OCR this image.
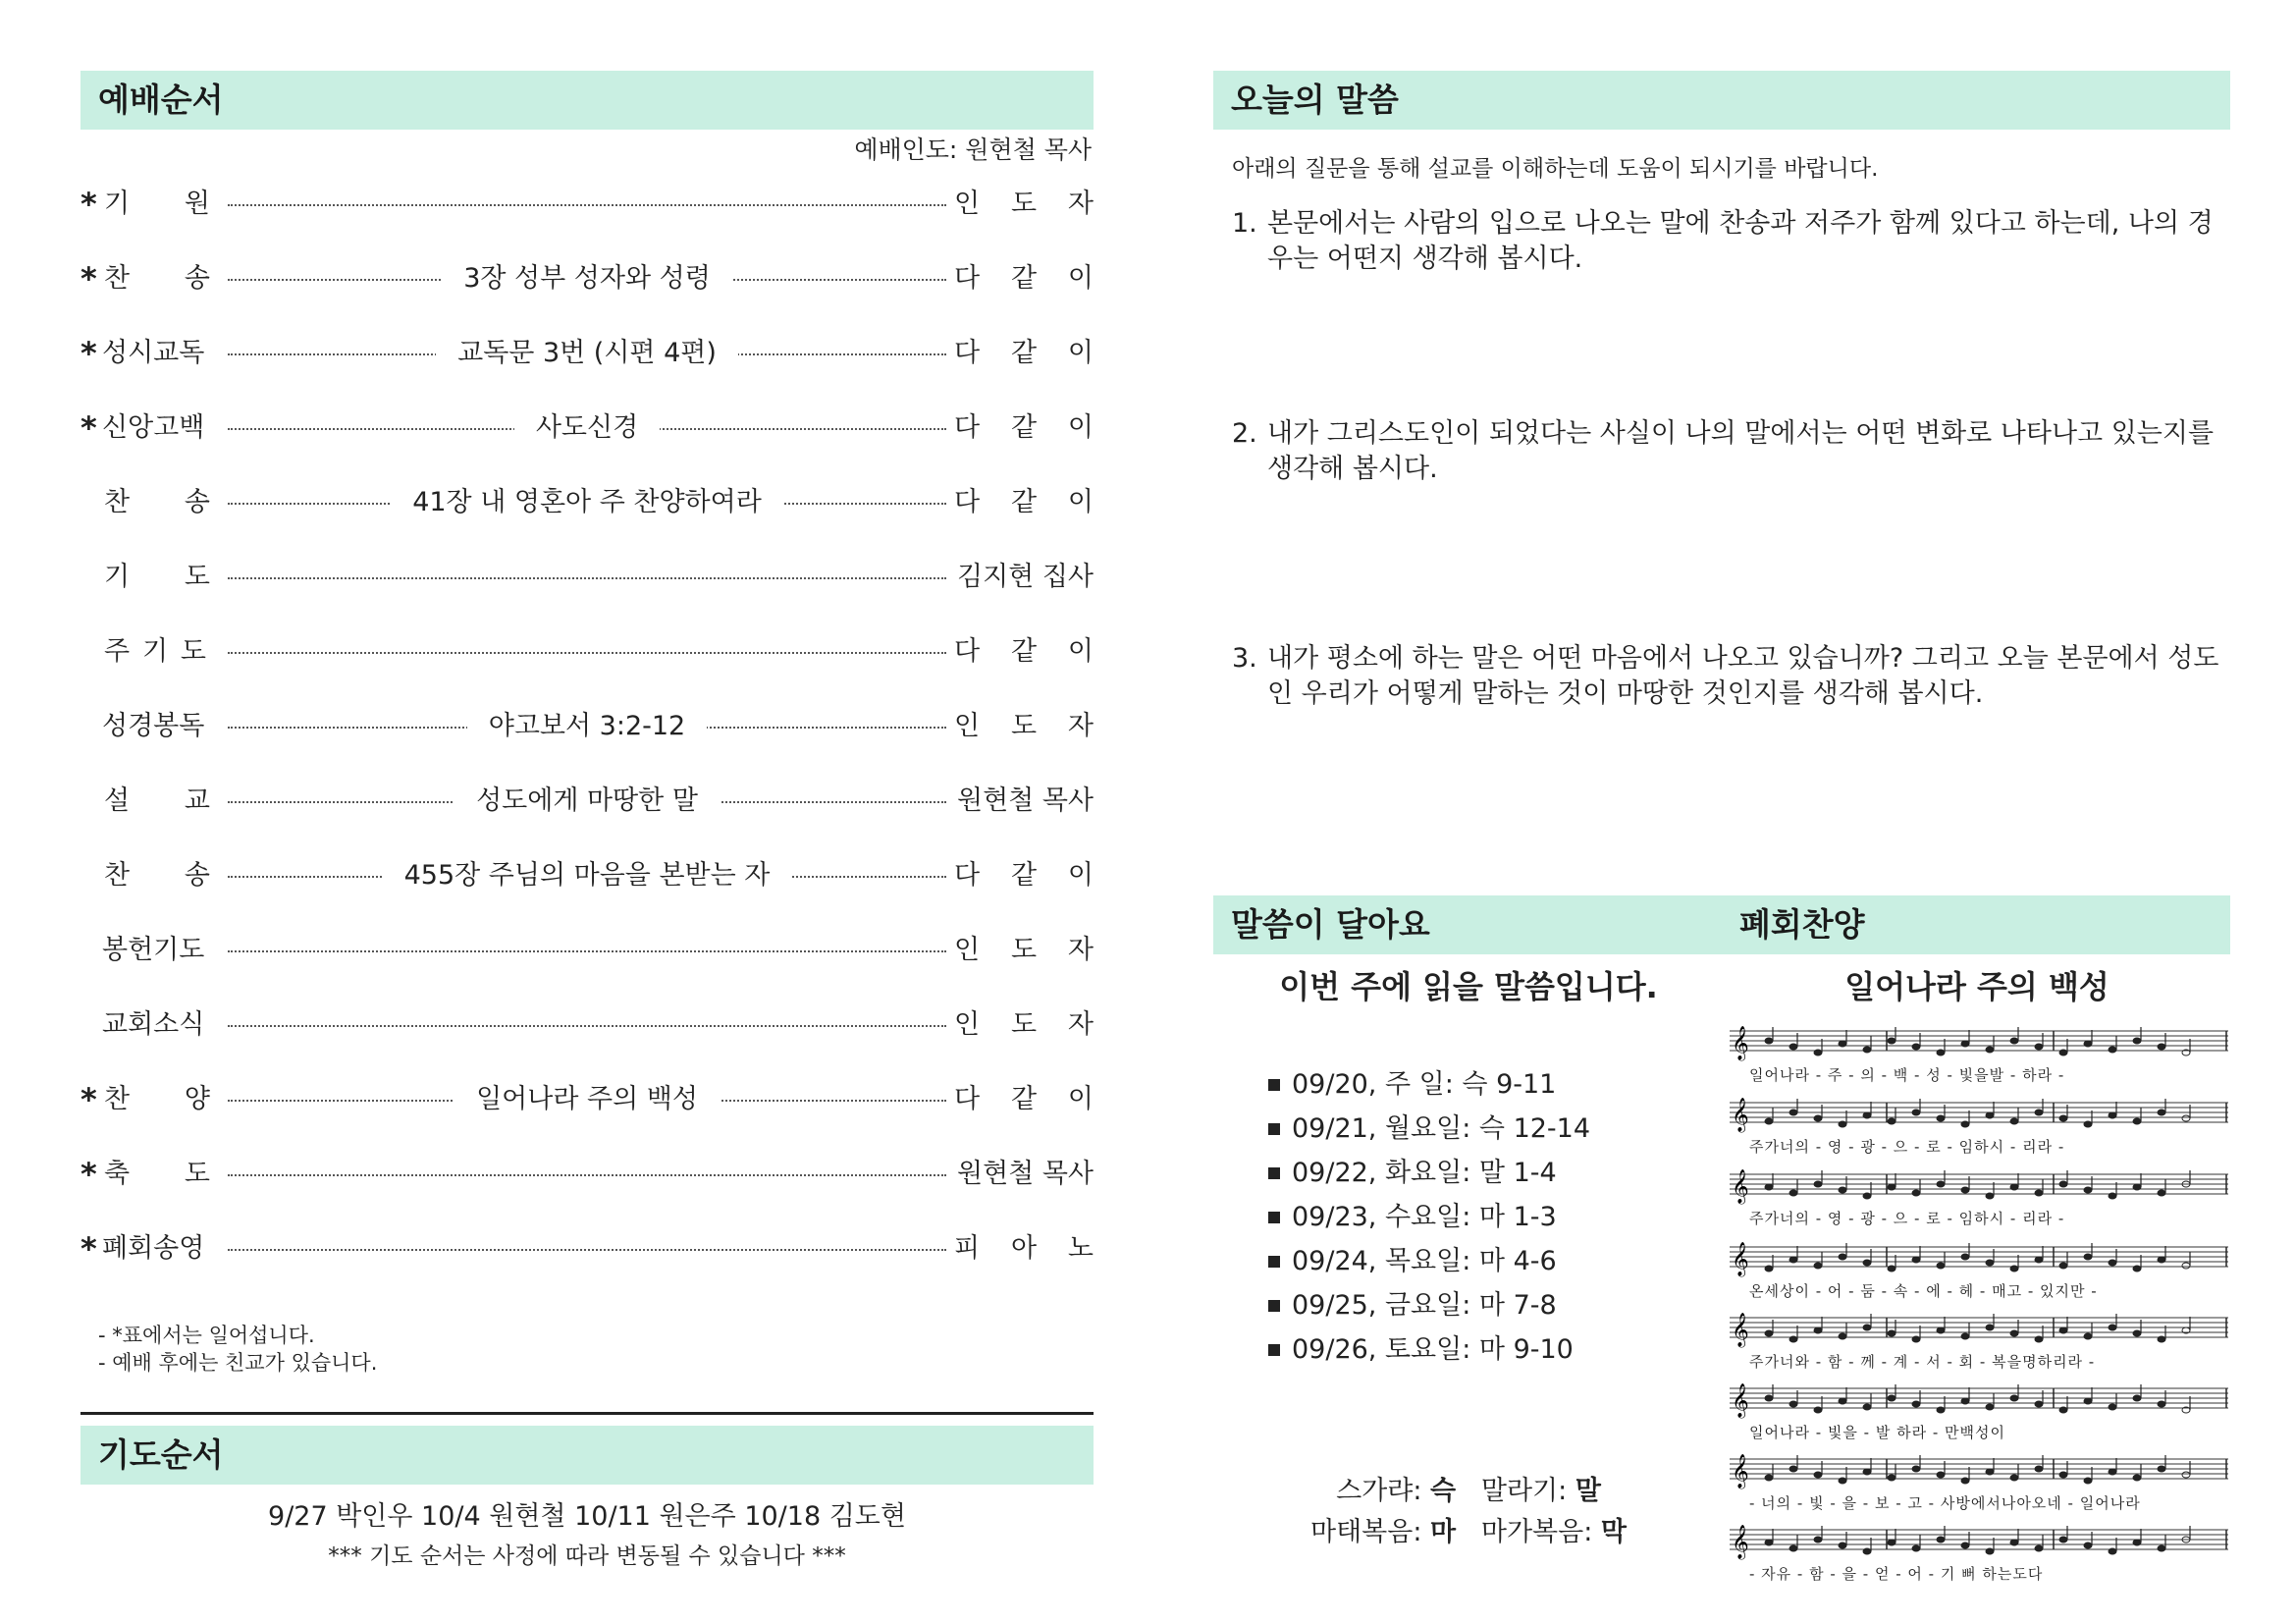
예배순서
예배인도: 원현철 목사
* 기 원	인 도 자
* 찬 송	3장 성부 성자와 성령	다 같 이
* 성시교독	교독문 3번 (시편 4편)	다 같 이
* 신앙고백	사도신경	다 같 이
찬 송	41장 내 영혼아 주 찬양하여라	다 같 이
기 도	김지현 집사
주 기 도	다 같 이
성경봉독	야고보서 3:2-12	인 도 자
설 교	성도에게 마땅한 말	원현철 목사
찬 송	455장 주님의 마음을 본받는 자	다 같 이
봉헌기도	인 도 자
교회소식	인 도 자
* 찬 양	일어나라 주의 백성	다 같 이
* 축 도	원현철 목사
* 폐회송영	피 아 노
- *표에서는 일어섭니다.
- 예배 후에는 친교가 있습니다.
기도순서
9/27 박인우 10/4 원현철 10/11 원은주 10/18 김도현
*** 기도 순서는 사정에 따라 변동될 수 있습니다 ***
오늘의 말씀
아래의 질문을 통해 설교를 이해하는데 도움이 되시기를 바랍니다.
1. 본문에서는 사람의 입으로 나오는 말에 찬송과 저주가 함께 있다고 하는데, 나의 경우는 어떤지 생각해 봅시다.
2. 내가 그리스도인이 되었다는 사실이 나의 말에서는 어떤 변화로 나타나고 있는지를 생각해 봅시다.
3. 내가 평소에 하는 말은 어떤 마음에서 나오고 있습니까? 그리고 오늘 본문에서 성도인 우리가 어떻게 말하는 것이 마땅한 것인지를 생각해 봅시다.
말씀이 달아요	폐회찬양
이번 주에 읽을 말씀입니다.	일어나라 주의 백성
09/20, 주 일: 슥 9-11
09/21, 월요일: 슥 12-14
09/22, 화요일: 말 1-4
09/23, 수요일: 마 1-3
09/24, 목요일: 마 4-6
09/25, 금요일: 마 7-8
09/26, 토요일: 마 9-10
스가랴: 슥   말라기: 말
마태복음: 마   마가복음: 막
𝄞
일어나라 - 주 - 의 - 백 - 성 - 빛을발 - 하라 -
𝄞
주가너의 - 영 - 광 - 으 - 로 - 임하시 - 리라 -
𝄞
주가너의 - 영 - 광 - 으 - 로 - 임하시 - 리라 -
𝄞
온세상이 - 어 - 둠 - 속 - 에 - 헤 - 매고 - 있지만 -
𝄞
주가너와 - 함 - 께 - 계 - 서 - 회 - 복을명하리라 -
𝄞
일어나라 - 빛을 - 발 하라 - 만백성이
𝄞
- 너의 - 빛 - 을 - 보 - 고 - 사방에서나아오네 - 일어나라
𝄞
- 자유 - 함 - 을 - 얻 - 어 - 기 뻐 하는도다
